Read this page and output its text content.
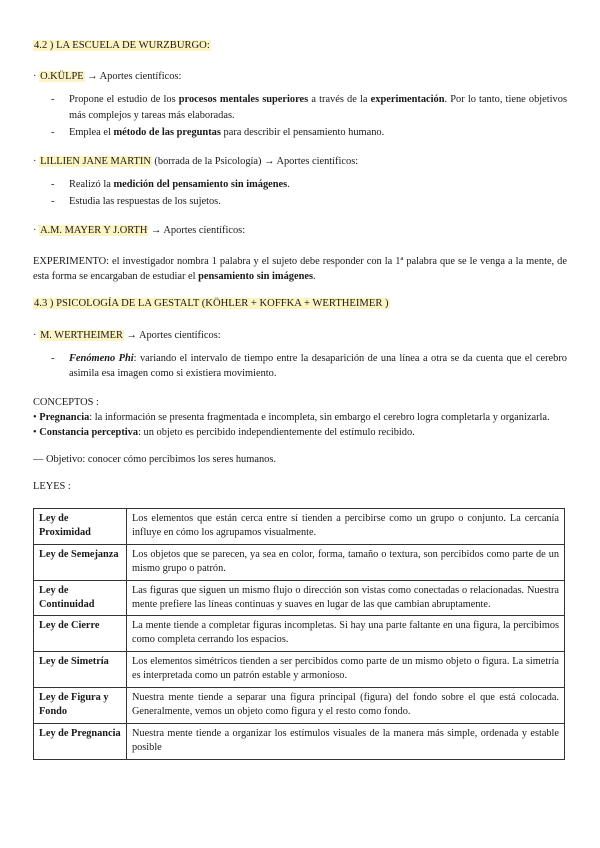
4.2 ) LA ESCUELA DE WURZBURGO:

· O.KÜLPE → Aportes científicos:

- Propone el estudio de los procesos mentales superiores a través de la experimentación. Por lo tanto, tiene objetivos más complejos y tareas más elaboradas.
- Emplea el método de las preguntas para describir el pensamiento humano.

· LILLIEN JANE MARTIN (borrada de la Psicología) → Aportes científicos:

- Realizó la medición del pensamiento sin imágenes.
- Estudia las respuestas de los sujetos.

· A.M. MAYER Y J.ORTH → Aportes científicos:

EXPERIMENTO: el investigador nombra 1 palabra y el sujeto debe responder con la 1ª palabra que se le venga a la mente, de esta forma se encargaban de estudiar el pensamiento sin imágenes.

4.3 ) PSICOLOGÍA DE LA GESTALT (KÖHLER + KOFFKA + WERTHEIMER )

· M. WERTHEIMER → Aportes científicos:

- Fenómeno Phi: variando el intervalo de tiempo entre la desaparición de una línea a otra se da cuenta que el cerebro asimila esa imagen como si existiera movimiento.

CONCEPTOS :

• Pregnancia: la información se presenta fragmentada e incompleta, sin embargo el cerebro logra completarla y organizarla.

• Constancia perceptiva: un objeto es percibido independientemente del estímulo recibido.

— Objetivo: conocer cómo percibimos los seres humanos.

LEYES :

Ley de Proximidad	Los elementos que están cerca entre sí tienden a percibirse como un grupo o conjunto. La cercanía influye en cómo los agrupamos visualmente.
Ley de Semejanza	Los objetos que se parecen, ya sea en color, forma, tamaño o textura, son percibidos como parte de un mismo grupo o patrón.
Ley de Continuidad	Las figuras que siguen un mismo flujo o dirección son vistas como conectadas o relacionadas. Nuestra mente prefiere las líneas continuas y suaves en lugar de las que cambian abruptamente.
Ley de Cierre	La mente tiende a completar figuras incompletas. Si hay una parte faltante en una figura, la percibimos como completa cerrando los espacios.
Ley de Simetría	Los elementos simétricos tienden a ser percibidos como parte de un mismo objeto o figura. La simetría es interpretada como un patrón estable y armonioso.
Ley de Figura y Fondo	Nuestra mente tiende a separar una figura principal (figura) del fondo sobre el que está colocada. Generalmente, vemos un objeto como figura y el resto como fondo.
Ley de Pregnancia	Nuestra mente tiende a organizar los estímulos visuales de la manera más simple, ordenada y estable posible
